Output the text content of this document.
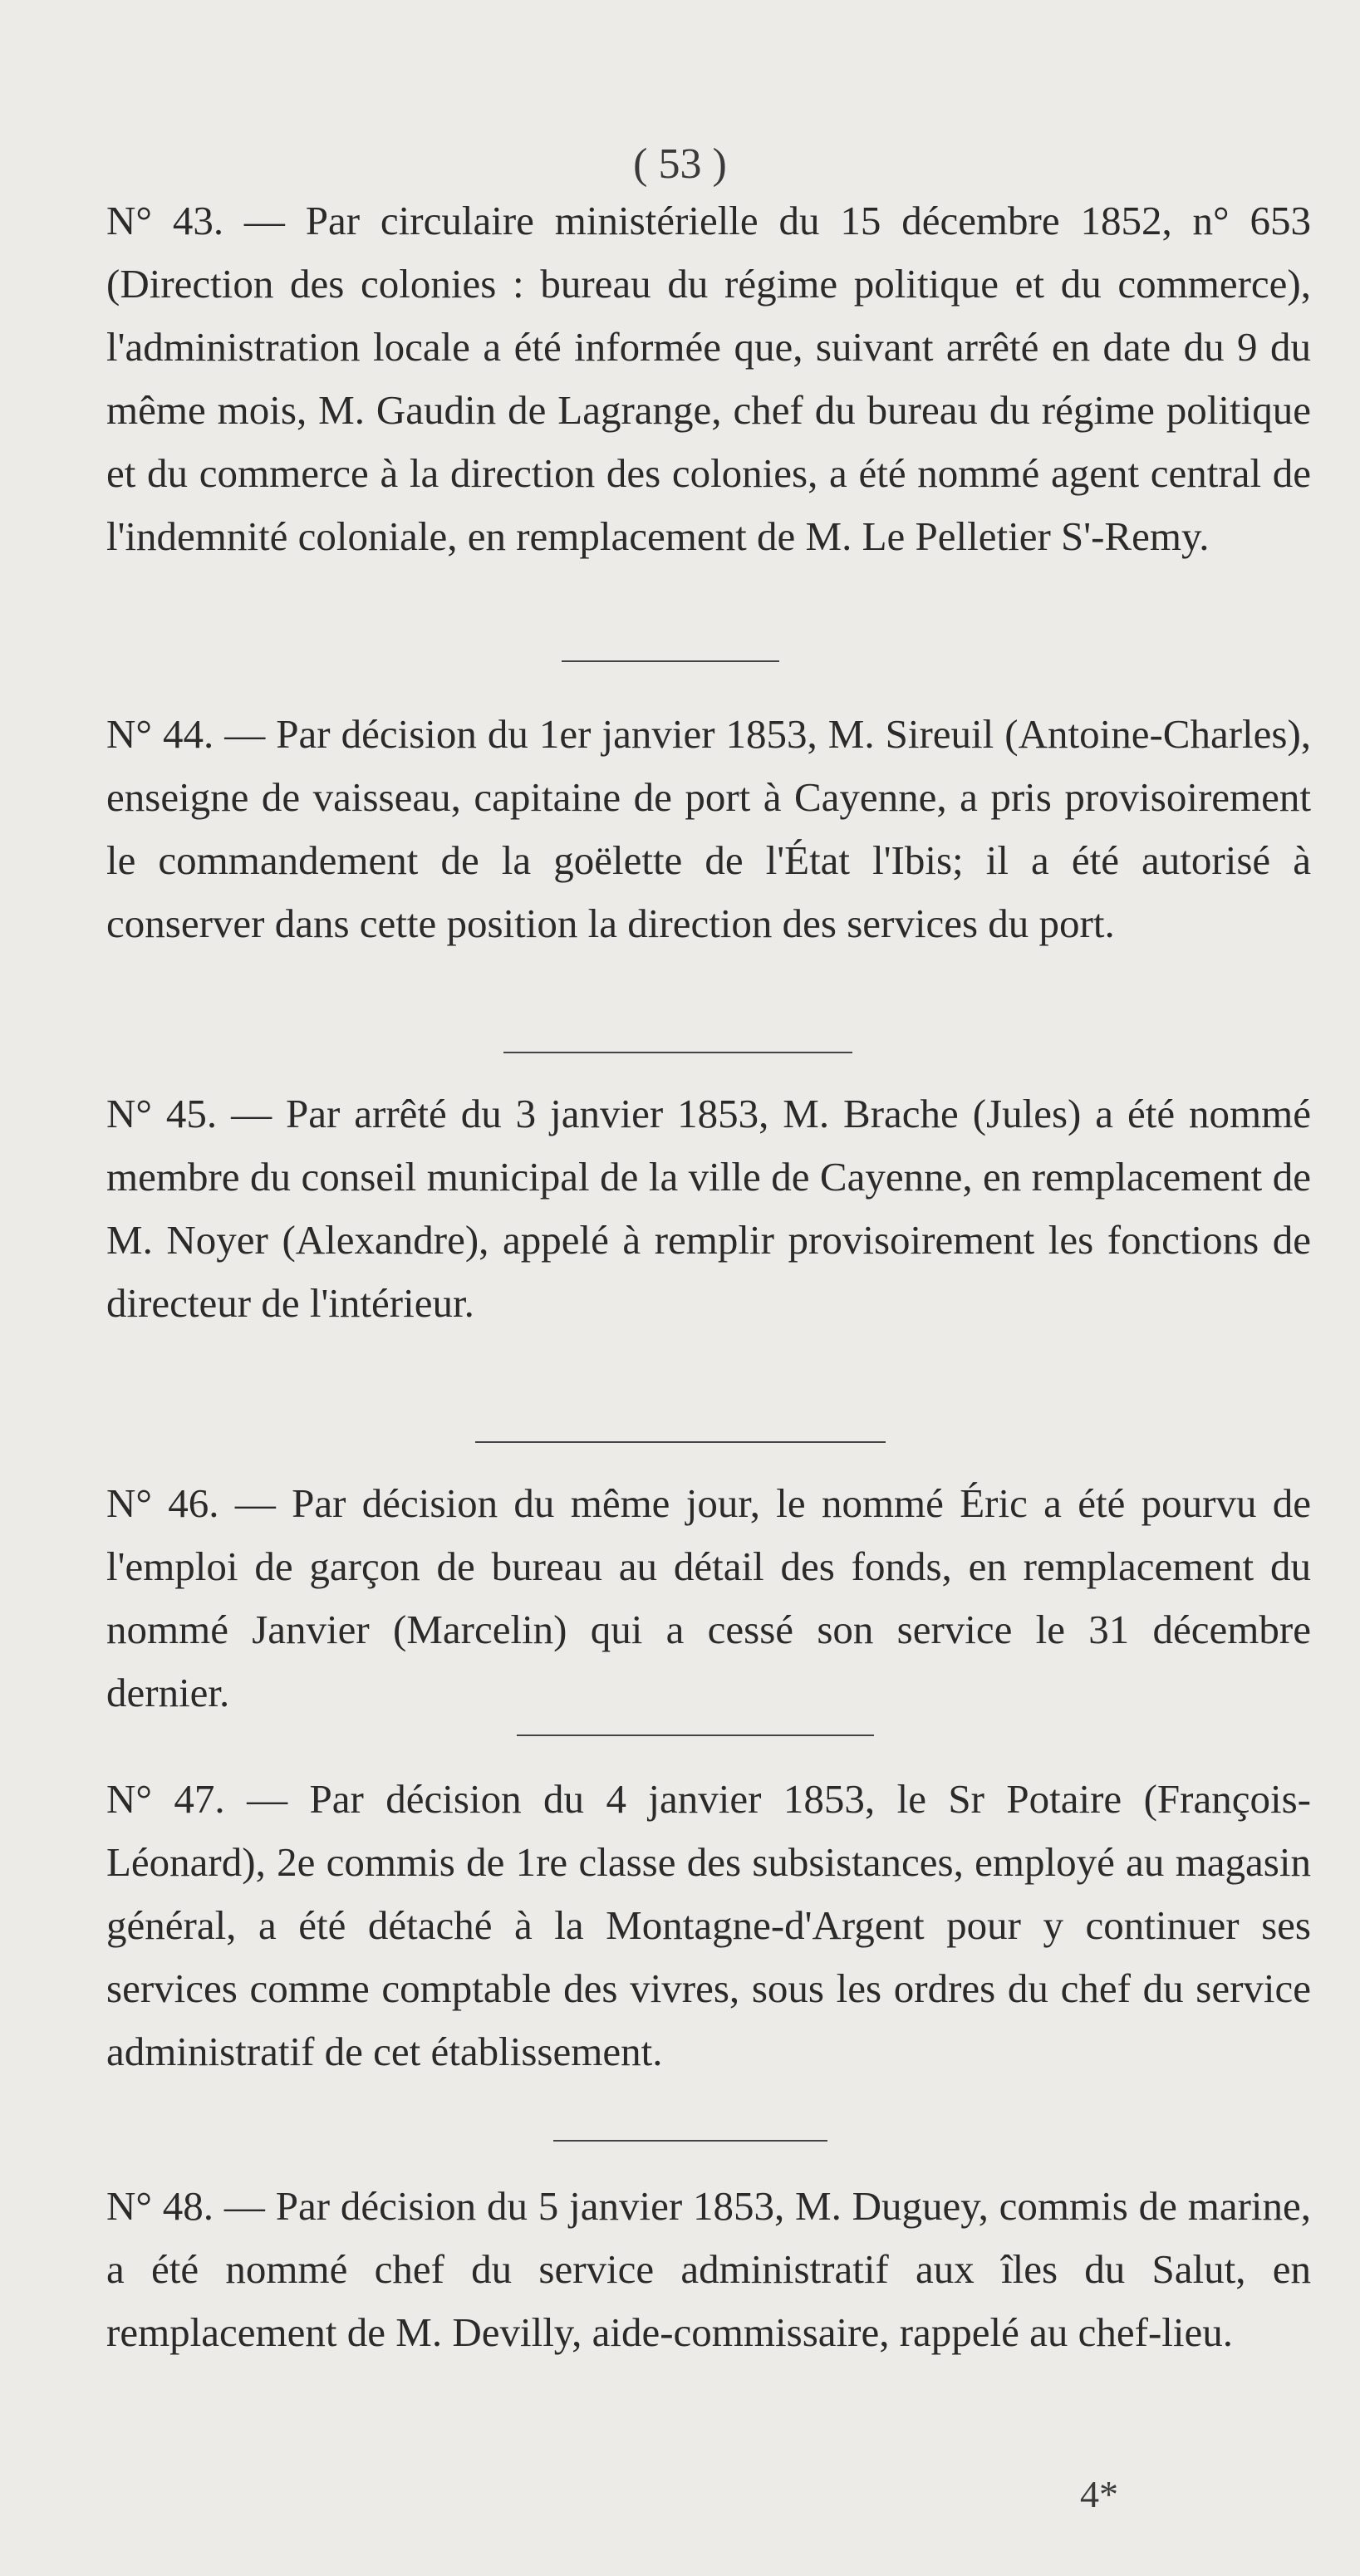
( 53 )
N° 43. — Par circulaire ministérielle du 15 décembre 1852, n° 653 (Direction des colonies : bureau du régime politique et du commerce), l'administration locale a été informée que, suivant arrêté en date du 9 du même mois, M. Gaudin de Lagrange, chef du bureau du régime politique et du commerce à la direction des colonies, a été nommé agent central de l'indemnité coloniale, en remplacement de M. Le Pelletier S'-Remy.
N° 44. — Par décision du 1er janvier 1853, M. Sireuil (Antoine-Charles), enseigne de vaisseau, capitaine de port à Cayenne, a pris provisoirement le commandement de la goëlette de l'État l'Ibis; il a été autorisé à conserver dans cette position la direction des services du port.
N° 45. — Par arrêté du 3 janvier 1853, M. Brache (Jules) a été nommé membre du conseil municipal de la ville de Cayenne, en remplacement de M. Noyer (Alexandre), appelé à remplir provisoirement les fonctions de directeur de l'intérieur.
N° 46. — Par décision du même jour, le nommé Éric a été pourvu de l'emploi de garçon de bureau au détail des fonds, en remplacement du nommé Janvier (Marcelin) qui a cessé son service le 31 décembre dernier.
N° 47. — Par décision du 4 janvier 1853, le Sr Potaire (François-Léonard), 2e commis de 1re classe des subsistances, employé au magasin général, a été détaché à la Montagne-d'Argent pour y continuer ses services comme comptable des vivres, sous les ordres du chef du service administratif de cet établissement.
N° 48. — Par décision du 5 janvier 1853, M. Duguey, commis de marine, a été nommé chef du service administratif aux îles du Salut, en remplacement de M. Devilly, aide-commissaire, rappelé au chef-lieu.
4*
